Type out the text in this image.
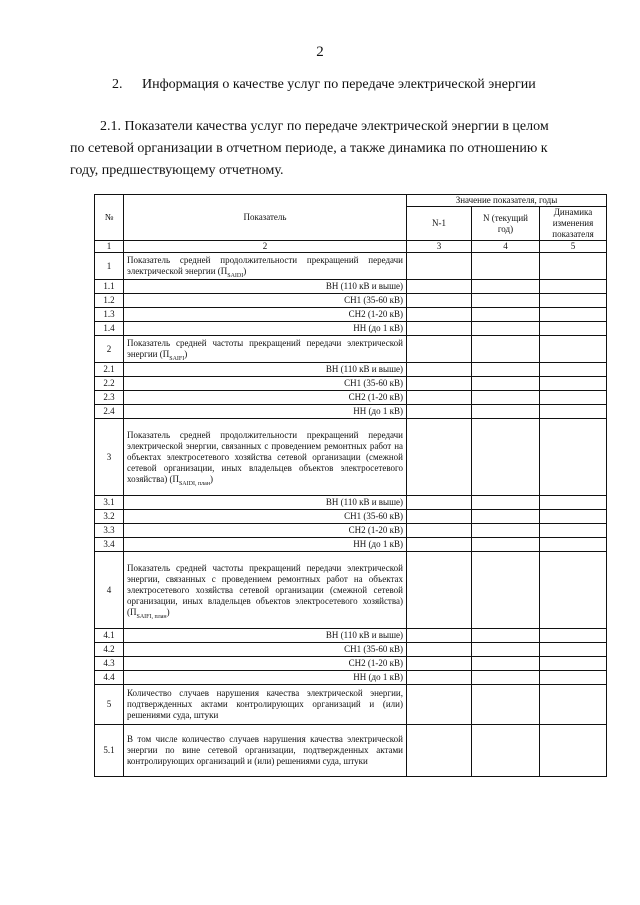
2
2. Информация о качестве услуг по передаче электрической энергии
2.1. Показатели качества услуг по передаче электрической энергии в целом
по сетевой организации в отчетном периоде, а также динамика по отношению к
году, предшествующему отчетному.
№	Показатель	Значение показателя, годы		
		N-1	N (текущий год)	Динамика изменения показателя
1	2	3	4	5
1	Показатель средней продолжительности прекращений передачи электрической энергии $(П_{SAIDI})$			
1.1	ВН (110 кВ и выше)			
1.2	СН1 (35-60 кВ)			
1.3	СН2 (1-20 кВ)			
1.4	НН (до 1 кВ)			
2	Показатель средней частоты прекращений передачи электрической энергии $(П_{SAIFI})$			
2.1	ВН (110 кВ и выше)			
2.2	СН1 (35-60 кВ)			
2.3	СН2 (1-20 кВ)			
2.4	НН (до 1 кВ)			
3	Показатель средней продолжительности прекращений передачи электрической энергии, связанных с проведением ремонтных работ на объектах электросетевого хозяйства сетевой организации (смежной сетевой организации, иных владельцев объектов электросетевого хозяйства) $(П_{SAIDI, план})$			
3.1	ВН (110 кВ и выше)			
3.2	СН1 (35-60 кВ)			
3.3	СН2 (1-20 кВ)			
3.4	НН (до 1 кВ)			
4	Показатель средней частоты прекращений передачи электрической энергии, связанных с проведением ремонтных работ на объектах электросетевого хозяйства сетевой организации (смежной сетевой организации, иных владельцев объектов электросетевого хозяйства) $(П_{SAIFI, план})$			
4.1	ВН (110 кВ и выше)			
4.2	СН1 (35-60 кВ)			
4.3	СН2 (1-20 кВ)			
4.4	НН (до 1 кВ)			
5	Количество случаев нарушения качества электрической энергии, подтвержденных актами контролирующих организаций и (или) решениями суда, штуки			
5.1	В том числе количество случаев нарушения качества электрической энергии по вине сетевой организации, подтвержденных актами контролирующих организаций и (или) решениями суда, штуки			
